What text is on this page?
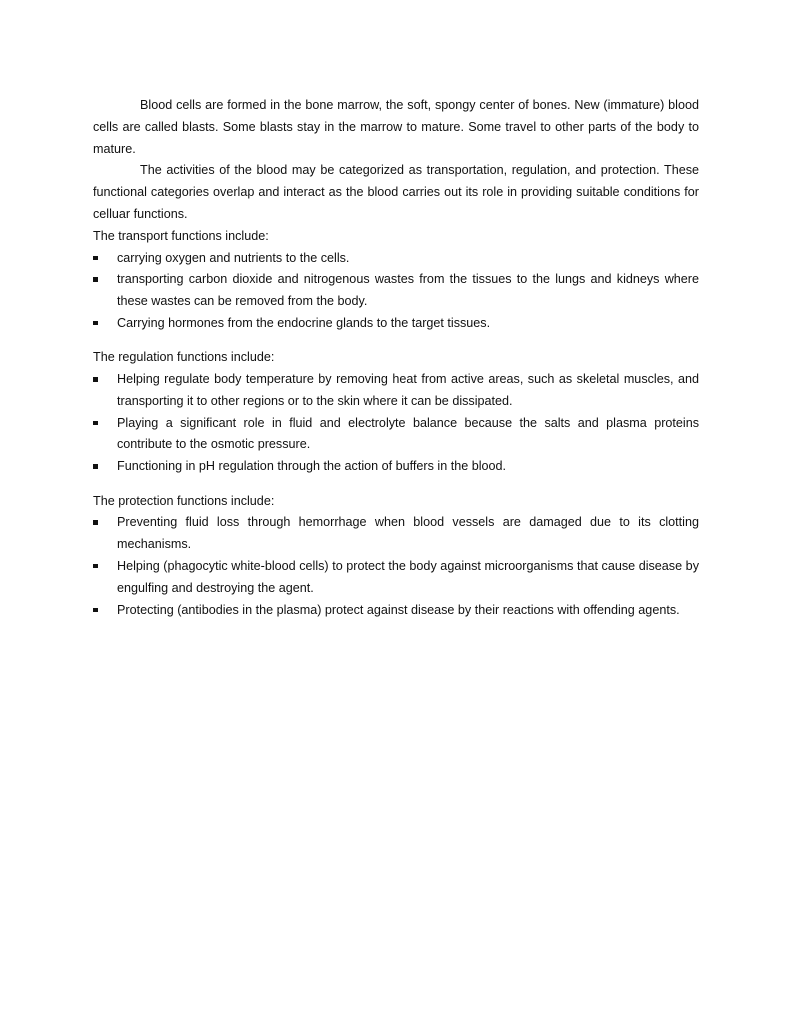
Blood cells are formed in the bone marrow, the soft, spongy center of bones. New (immature) blood cells are called blasts. Some blasts stay in the marrow to mature. Some travel to other parts of the body to mature.

The activities of the blood may be categorized as transportation, regulation, and protection. These functional categories overlap and interact as the blood carries out its role in providing suitable conditions for celluar functions.

The transport functions include:

carrying oxygen and nutrients to the cells.
transporting carbon dioxide and nitrogenous wastes from the tissues to the lungs and kidneys where these wastes can be removed from the body.
Carrying hormones from the endocrine glands to the target tissues.

The regulation functions include:

Helping regulate body temperature by removing heat from active areas, such as skeletal muscles, and transporting it to other regions or to the skin where it can be dissipated.
Playing a significant role in fluid and electrolyte balance because the salts and plasma proteins contribute to the osmotic pressure.
Functioning in pH regulation through the action of buffers in the blood.

The protection functions include:

Preventing fluid loss through hemorrhage when blood vessels are damaged due to its clotting mechanisms.
Helping (phagocytic white-blood cells) to protect the body against microorganisms that cause disease by engulfing and destroying the agent.
Protecting (antibodies in the plasma) protect against disease by their reactions with offending agents.
